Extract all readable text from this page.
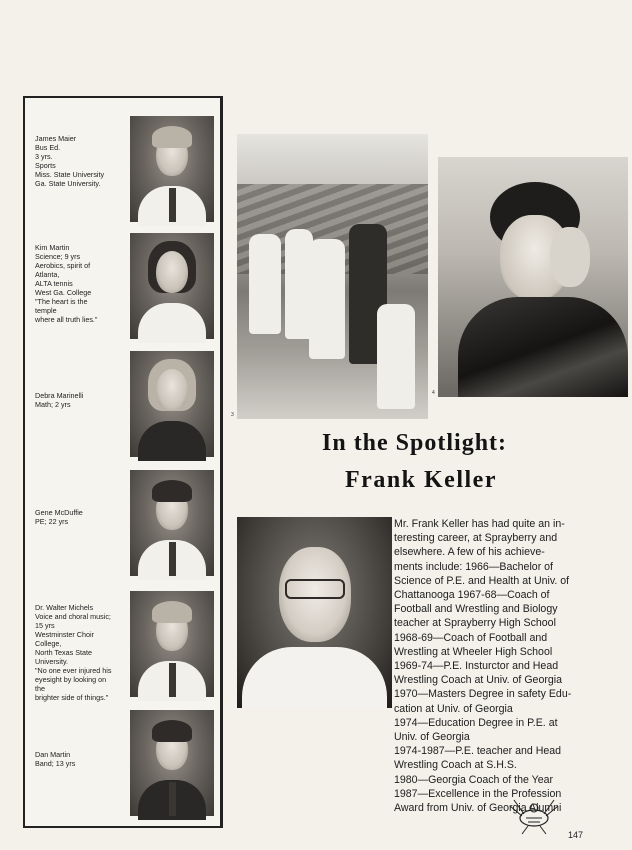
James Maier
Bus Ed.
3 yrs.
Sports
Miss. State University
Ga. State University.
Kim Martin
Science; 9 yrs
Aerobics, spirit of
Atlanta,
ALTA tennis
West Ga. College
"The heart is the
temple
where all truth lies."
Debra Marinelli
Math; 2 yrs
Gene McDuffie
PE; 22 yrs
Dr. Walter Michels
Voice and choral music;
15 yrs
Westminster Choir
College,
North Texas State
University.
"No one ever injured his
eyesight by looking on
the
brighter side of things."
Dan Martin
Band; 13 yrs
3
4
In the Spotlight:
Frank Keller
Mr. Frank Keller has had quite an in-
teresting career, at Sprayberry and
elsewhere. A few of his achieve-
ments include: 1966—Bachelor of
Science of P.E. and Health at Univ. of
Chattanooga 1967-68—Coach of
Football and Wrestling and Biology
teacher at Sprayberry High School
1968-69—Coach of Football and
Wrestling at Wheeler High School
1969-74—P.E. Insturctor and Head
Wrestling Coach at Univ. of Georgia
1970—Masters Degree in safety Edu-
cation at Univ. of Georgia
1974—Education Degree in P.E. at
Univ. of Georgia
1974-1987—P.E. teacher and Head
Wrestling Coach at S.H.S.
1980—Georgia Coach of the Year
1987—Excellence in the Profession
Award from Univ. of Georgia Alumni
147
